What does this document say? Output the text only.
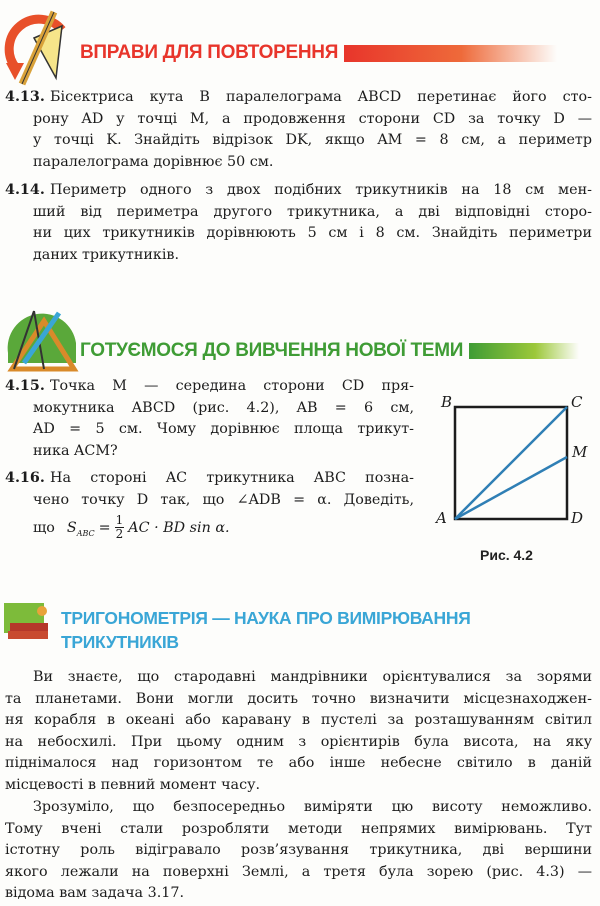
ВПРАВИ ДЛЯ ПОВТОРЕННЯ
4.13. Бісектриса кута B паралелограма ABCD перетинає його сто-
рону AD у точці M, а продовження сторони CD за точку D —
у точці K. Знайдіть відрізок DK, якщо AM = 8 см, а периметр
паралелограма дорівнює 50 см.
4.14. Периметр одного з двох подібних трикутників на 18 см мен-
ший від периметра другого трикутника, а дві відповідні сторо-
ни цих трикутників дорівнюють 5 см і 8 см. Знайдіть периметри
даних трикутників.
ГОТУЄМОСЯ ДО ВИВЧЕННЯ НОВОЇ ТЕМИ
4.15. Точка M — середина сторони CD пря-
мокутника ABCD (рис. 4.2), AB = 6 см,
AD = 5 см. Чому дорівнює площа трикут-
ника ACM?
4.16. На стороні AC трикутника ABC позна-
чено точку D так, що ∠ADB = α. Доведіть,
що $S_{ABC} = \frac{1}{2}$ AC · BD sin α.
B	C
M
A	D
Рис. 4.2
ТРИГОНОМЕТРІЯ — НАУКА ПРО ВИМІРЮВАННЯ
ТРИКУТНИКІВ
Ви знаєте, що стародавні мандрівники орієнтувалися за зорями
та планетами. Вони могли досить точно визначити місцезнаходжен-
ня корабля в океані або каравану в пустелі за розташуванням світил
на небосхилі. При цьому одним з орієнтирів була висота, на яку
піднімалося над горизонтом те або інше небесне світило в даній
місцевості в певний момент часу.
Зрозуміло, що безпосередньо виміряти цю висоту неможливо.
Тому вчені стали розробляти методи непрямих вимірювань. Тут
істотну роль відігравало розв’язування трикутника, дві вершини
якого лежали на поверхні Землі, а третя була зорею (рис. 4.3) —
відома вам задача 3.17.
